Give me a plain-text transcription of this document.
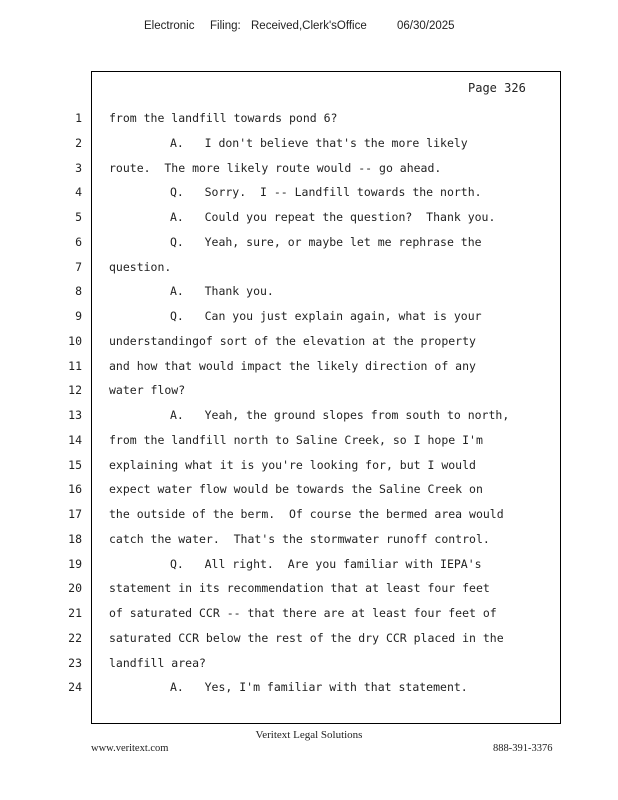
Electronic Filing: Received,Clerk'sOffice	06/30/2025
Page 326
1 from the landfill towards pond 6?
2	A.   I don't believe that's the more likely
3 route.  The more likely route would -- go ahead.
4	Q.   Sorry.  I -- Landfill towards the north.
5	A.   Could you repeat the question?  Thank you.
6	Q.   Yeah, sure, or maybe let me rephrase the
7 question.
8	A.   Thank you.
9	Q.   Can you just explain again, what is your
10 understandingof sort of the elevation at the property
11 and how that would impact the likely direction of any
12 water flow?
13	A.   Yeah, the ground slopes from south to north,
14 from the landfill north to Saline Creek, so I hope I'm
15 explaining what it is you're looking for, but I would
16 expect water flow would be towards the Saline Creek on
17 the outside of the berm.  Of course the bermed area would
18 catch the water.  That's the stormwater runoff control.
19	Q.   All right.  Are you familiar with IEPA's
20 statement in its recommendation that at least four feet
21 of saturated CCR -- that there are at least four feet of
22 saturated CCR below the rest of the dry CCR placed in the
23 landfill area?
24	A.   Yes, I'm familiar with that statement.
Veritext Legal Solutions
www.veritext.com	888-391-3376
